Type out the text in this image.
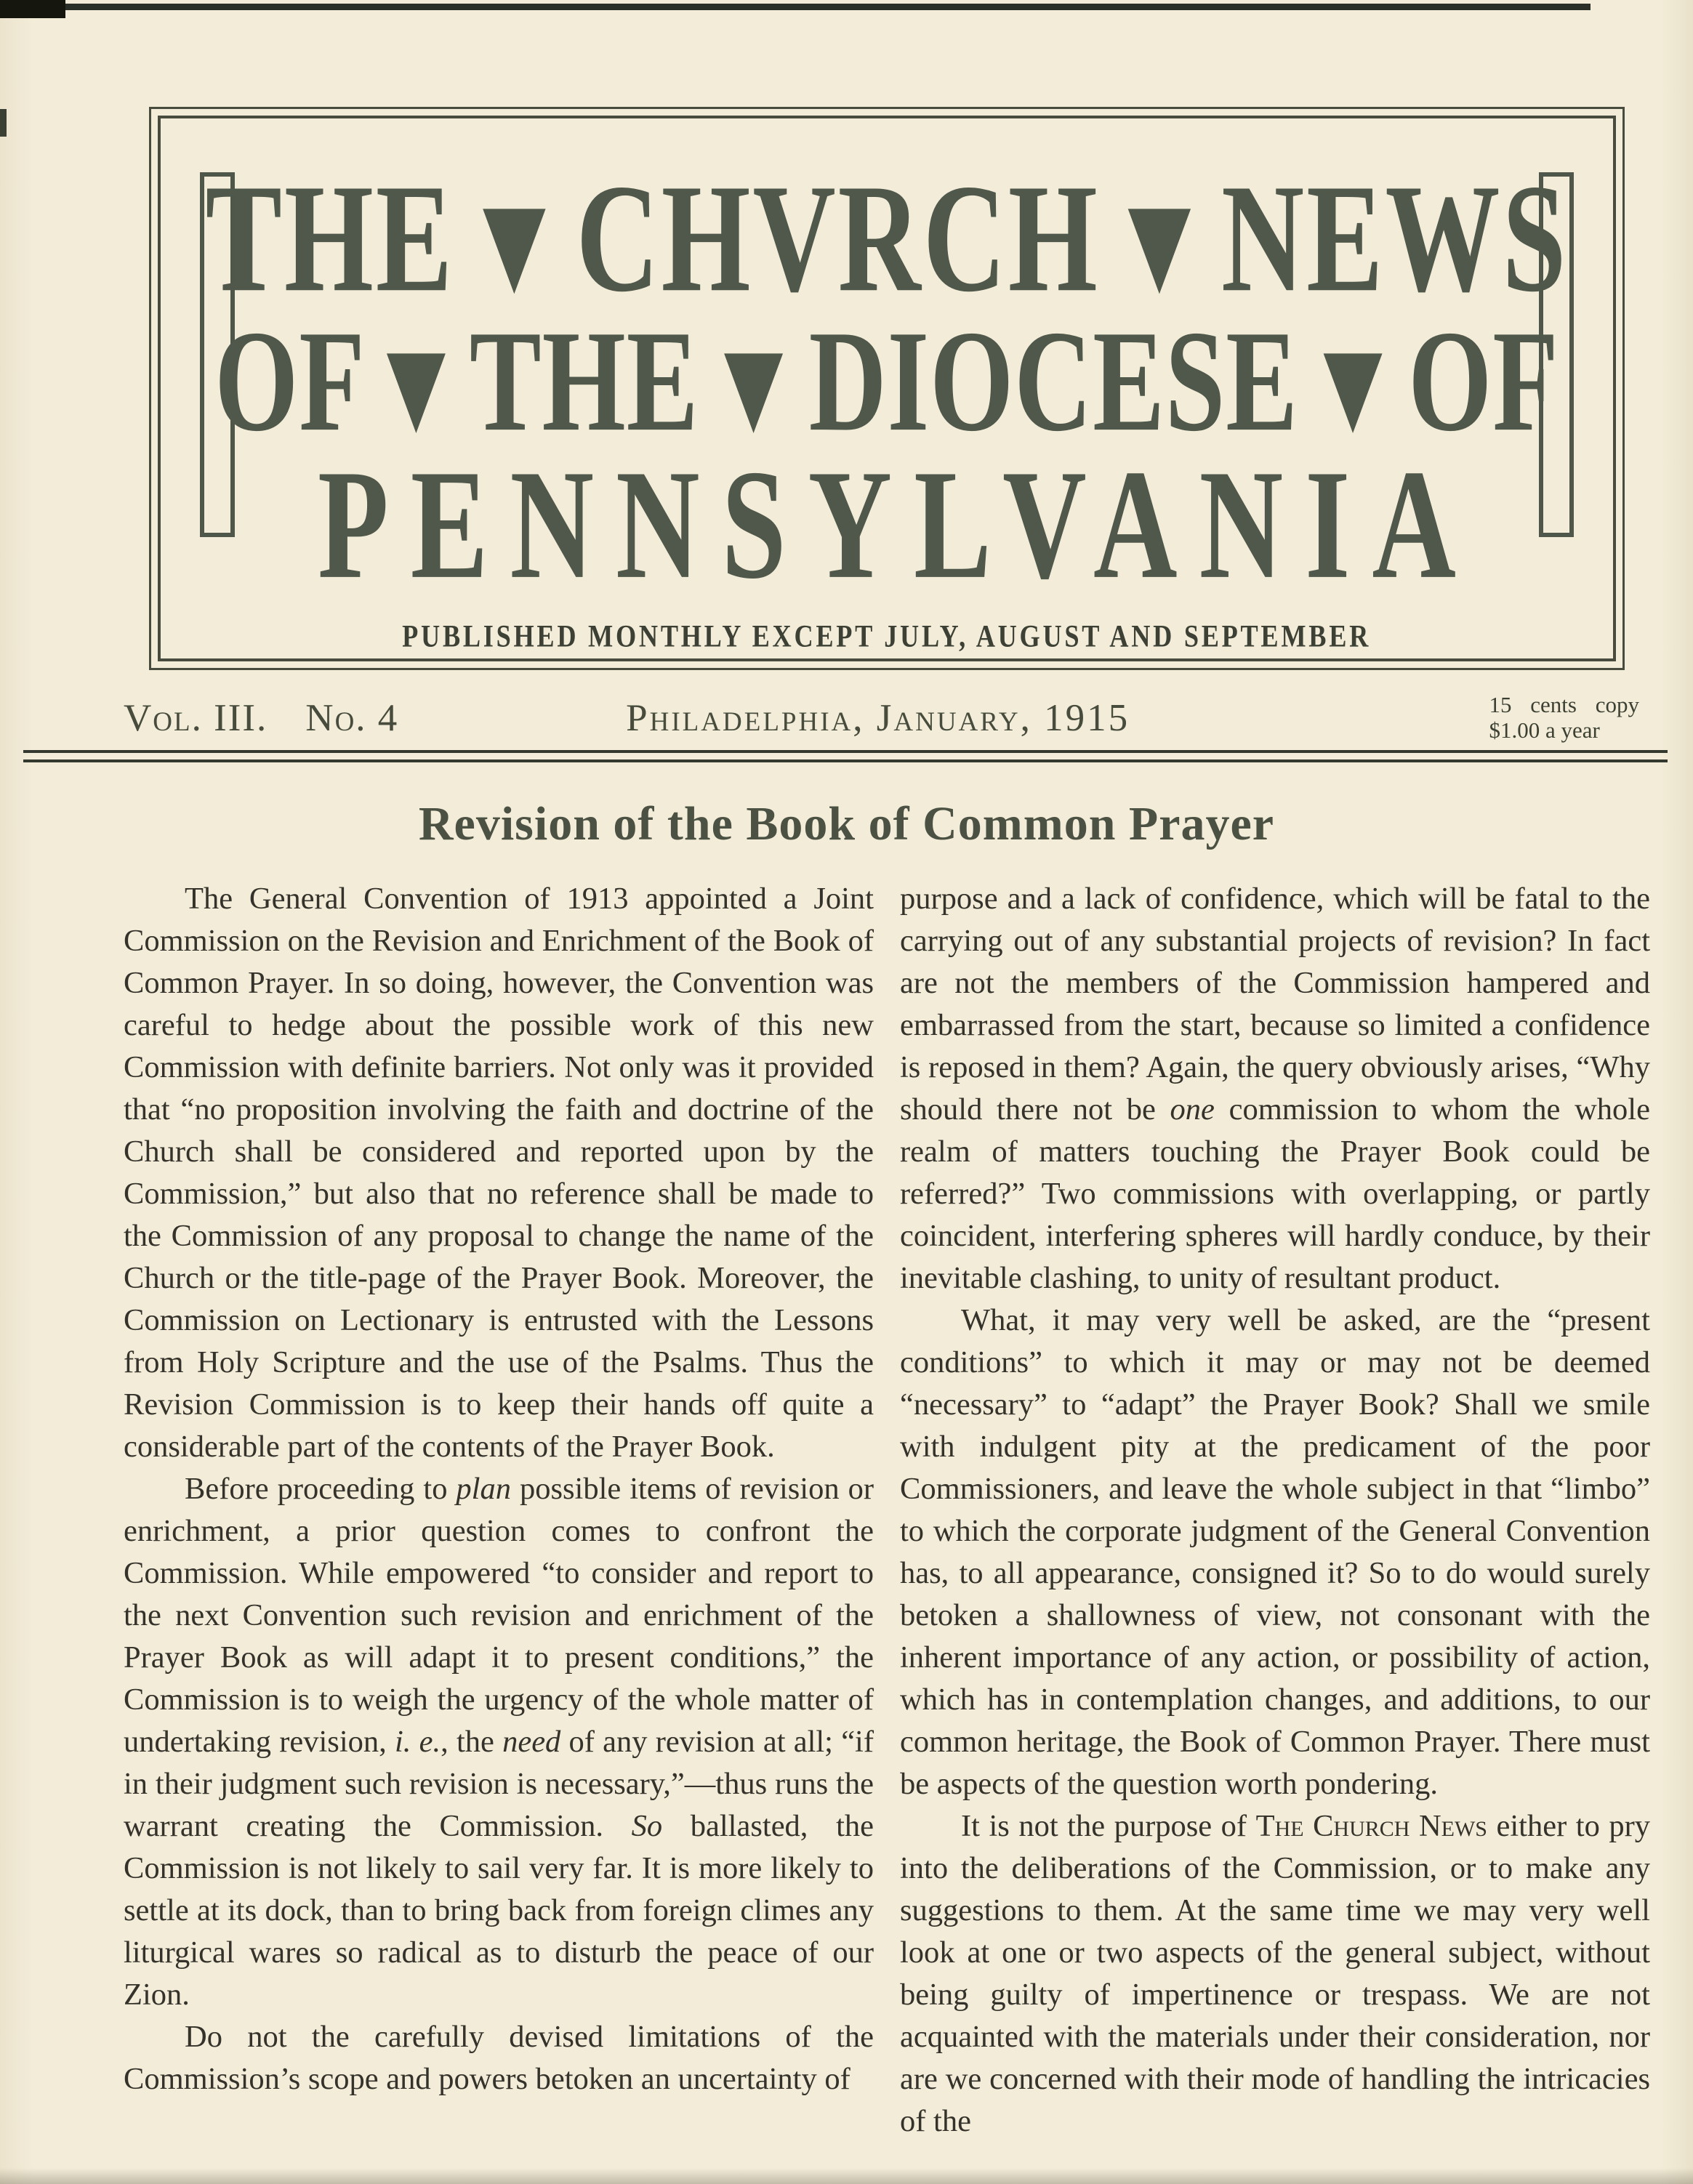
THE ▾ CHVRCH ▾ NEWS
OF ▾ THE ▾ DIOCESE ▾ OF
PENNSYLVANIA
PUBLISHED MONTHLY EXCEPT JULY, AUGUST AND SEPTEMBER
Vol. III. No. 4	Philadelphia, January, 1915	15 cents copy
$1.00 a year
Revision of the Book of Common Prayer

The General Convention of 1913 appointed a Joint Commission on the Revision and Enrichment of the Book of Common Prayer. In so doing, however, the Convention was careful to hedge about the possible work of this new Commission with definite barriers. Not only was it provided that “no proposition involving the faith and doctrine of the Church shall be considered and reported upon by the Commission,” but also that no reference shall be made to the Commission of any proposal to change the name of the Church or the title-page of the Prayer Book. Moreover, the Commission on Lectionary is entrusted with the Lessons from Holy Scripture and the use of the Psalms. Thus the Revision Commission is to keep their hands off quite a considerable part of the contents of the Prayer Book.

Before proceeding to plan possible items of revision or enrichment, a prior question comes to confront the Commission. While empowered “to consider and report to the next Convention such revision and enrichment of the Prayer Book as will adapt it to present conditions,” the Commission is to weigh the urgency of the whole matter of undertaking revision, i. e., the need of any revision at all; “if in their judgment such revision is necessary,”—thus runs the warrant creating the Commission. So ballasted, the Commission is not likely to sail very far. It is more likely to settle at its dock, than to bring back from foreign climes any liturgical wares so radical as to disturb the peace of our Zion.

Do not the carefully devised limitations of the Commission’s scope and powers betoken an uncertainty of

purpose and a lack of confidence, which will be fatal to the carrying out of any substantial projects of revision? In fact are not the members of the Commission hampered and embarrassed from the start, because so limited a confidence is reposed in them? Again, the query obviously arises, “Why should there not be one commission to whom the whole realm of matters touching the Prayer Book could be referred?” Two commissions with overlapping, or partly coincident, interfering spheres will hardly conduce, by their inevitable clashing, to unity of resultant product.

What, it may very well be asked, are the “present conditions” to which it may or may not be deemed “necessary” to “adapt” the Prayer Book? Shall we smile with indulgent pity at the predicament of the poor Commissioners, and leave the whole subject in that “limbo” to which the corporate judgment of the General Convention has, to all appearance, consigned it? So to do would surely betoken a shallowness of view, not consonant with the inherent importance of any action, or possibility of action, which has in contemplation changes, and additions, to our common heritage, the Book of Common Prayer. There must be aspects of the question worth pondering.

It is not the purpose of The Church News either to pry into the deliberations of the Commission, or to make any suggestions to them. At the same time we may very well look at one or two aspects of the general subject, without being guilty of impertinence or trespass. We are not acquainted with the materials under their consideration, nor are we concerned with their mode of handling the intricacies of the
